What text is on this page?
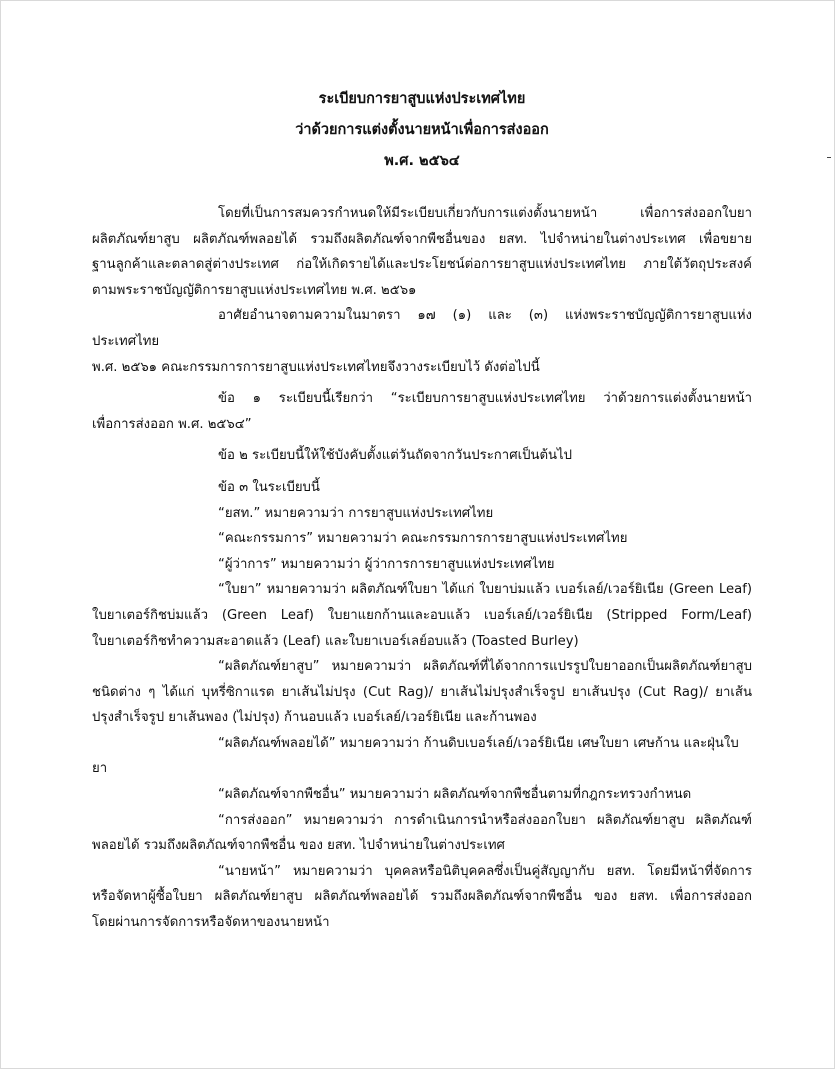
ระเบียบการยาสูบแห่งประเทศไทย
ว่าด้วยการแต่งตั้งนายหน้าเพื่อการส่งออก
พ.ศ. ๒๕๖๔
โดยที่เป็นการสมควรกำหนดให้มีระเบียบเกี่ยวกับการแต่งตั้งนายหน้า เพื่อการส่งออกใบยา
ผลิตภัณฑ์ยาสูบ ผลิตภัณฑ์พลอยได้ รวมถึงผลิตภัณฑ์จากพืชอื่นของ ยสท. ไปจำหน่ายในต่างประเทศ เพื่อขยาย
ฐานลูกค้าและตลาดสู่ต่างประเทศ ก่อให้เกิดรายได้และประโยชน์ต่อการยาสูบแห่งประเทศไทย ภายใต้วัตถุประสงค์
ตามพระราชบัญญัติการยาสูบแห่งประเทศไทย พ.ศ. ๒๕๖๑
อาศัยอำนาจตามความในมาตรา ๑๗ (๑) และ (๓) แห่งพระราชบัญญัติการยาสูบแห่งประเทศไทย
พ.ศ. ๒๕๖๑ คณะกรรมการการยาสูบแห่งประเทศไทยจึงวางระเบียบไว้ ดังต่อไปนี้
ข้อ ๑ ระเบียบนี้เรียกว่า “ระเบียบการยาสูบแห่งประเทศไทย ว่าด้วยการแต่งตั้งนายหน้า
เพื่อการส่งออก พ.ศ. ๒๕๖๔”
ข้อ ๒ ระเบียบนี้ให้ใช้บังคับตั้งแต่วันถัดจากวันประกาศเป็นต้นไป
ข้อ ๓ ในระเบียบนี้
“ยสท.” หมายความว่า การยาสูบแห่งประเทศไทย
“คณะกรรมการ” หมายความว่า คณะกรรมการการยาสูบแห่งประเทศไทย
“ผู้ว่าการ” หมายความว่า ผู้ว่าการการยาสูบแห่งประเทศไทย
“ใบยา” หมายความว่า ผลิตภัณฑ์ใบยา ได้แก่ ใบยาบ่มแล้ว เบอร์เลย์/เวอร์ยิเนีย (Green Leaf)
ใบยาเตอร์กิชบ่มแล้ว (Green Leaf) ใบยาแยกก้านและอบแล้ว เบอร์เลย์/เวอร์ยิเนีย (Stripped Form/Leaf)
ใบยาเตอร์กิชทำความสะอาดแล้ว (Leaf) และใบยาเบอร์เลย์อบแล้ว (Toasted Burley)
“ผลิตภัณฑ์ยาสูบ” หมายความว่า ผลิตภัณฑ์ที่ได้จากการแปรรูปใบยาออกเป็นผลิตภัณฑ์ยาสูบ
ชนิดต่าง ๆ ได้แก่ บุหรี่ซิกาแรต ยาเส้นไม่ปรุง (Cut Rag)/ ยาเส้นไม่ปรุงสำเร็จรูป ยาเส้นปรุง (Cut Rag)/ ยาเส้น
ปรุงสำเร็จรูป ยาเส้นพอง (ไม่ปรุง) ก้านอบแล้ว เบอร์เลย์/เวอร์ยิเนีย และก้านพอง
“ผลิตภัณฑ์พลอยได้” หมายความว่า ก้านดิบเบอร์เลย์/เวอร์ยิเนีย เศษใบยา เศษก้าน และฝุ่นใบยา
“ผลิตภัณฑ์จากพืชอื่น” หมายความว่า ผลิตภัณฑ์จากพืชอื่นตามที่กฎกระทรวงกำหนด
“การส่งออก” หมายความว่า การดำเนินการนำหรือส่งออกใบยา ผลิตภัณฑ์ยาสูบ ผลิตภัณฑ์
พลอยได้ รวมถึงผลิตภัณฑ์จากพืชอื่น ของ ยสท. ไปจำหน่ายในต่างประเทศ
“นายหน้า” หมายความว่า บุคคลหรือนิติบุคคลซึ่งเป็นคู่สัญญากับ ยสท. โดยมีหน้าที่จัดการ
หรือจัดหาผู้ซื้อใบยา ผลิตภัณฑ์ยาสูบ ผลิตภัณฑ์พลอยได้ รวมถึงผลิตภัณฑ์จากพืชอื่น ของ ยสท. เพื่อการส่งออก
โดยผ่านการจัดการหรือจัดหาของนายหน้า
